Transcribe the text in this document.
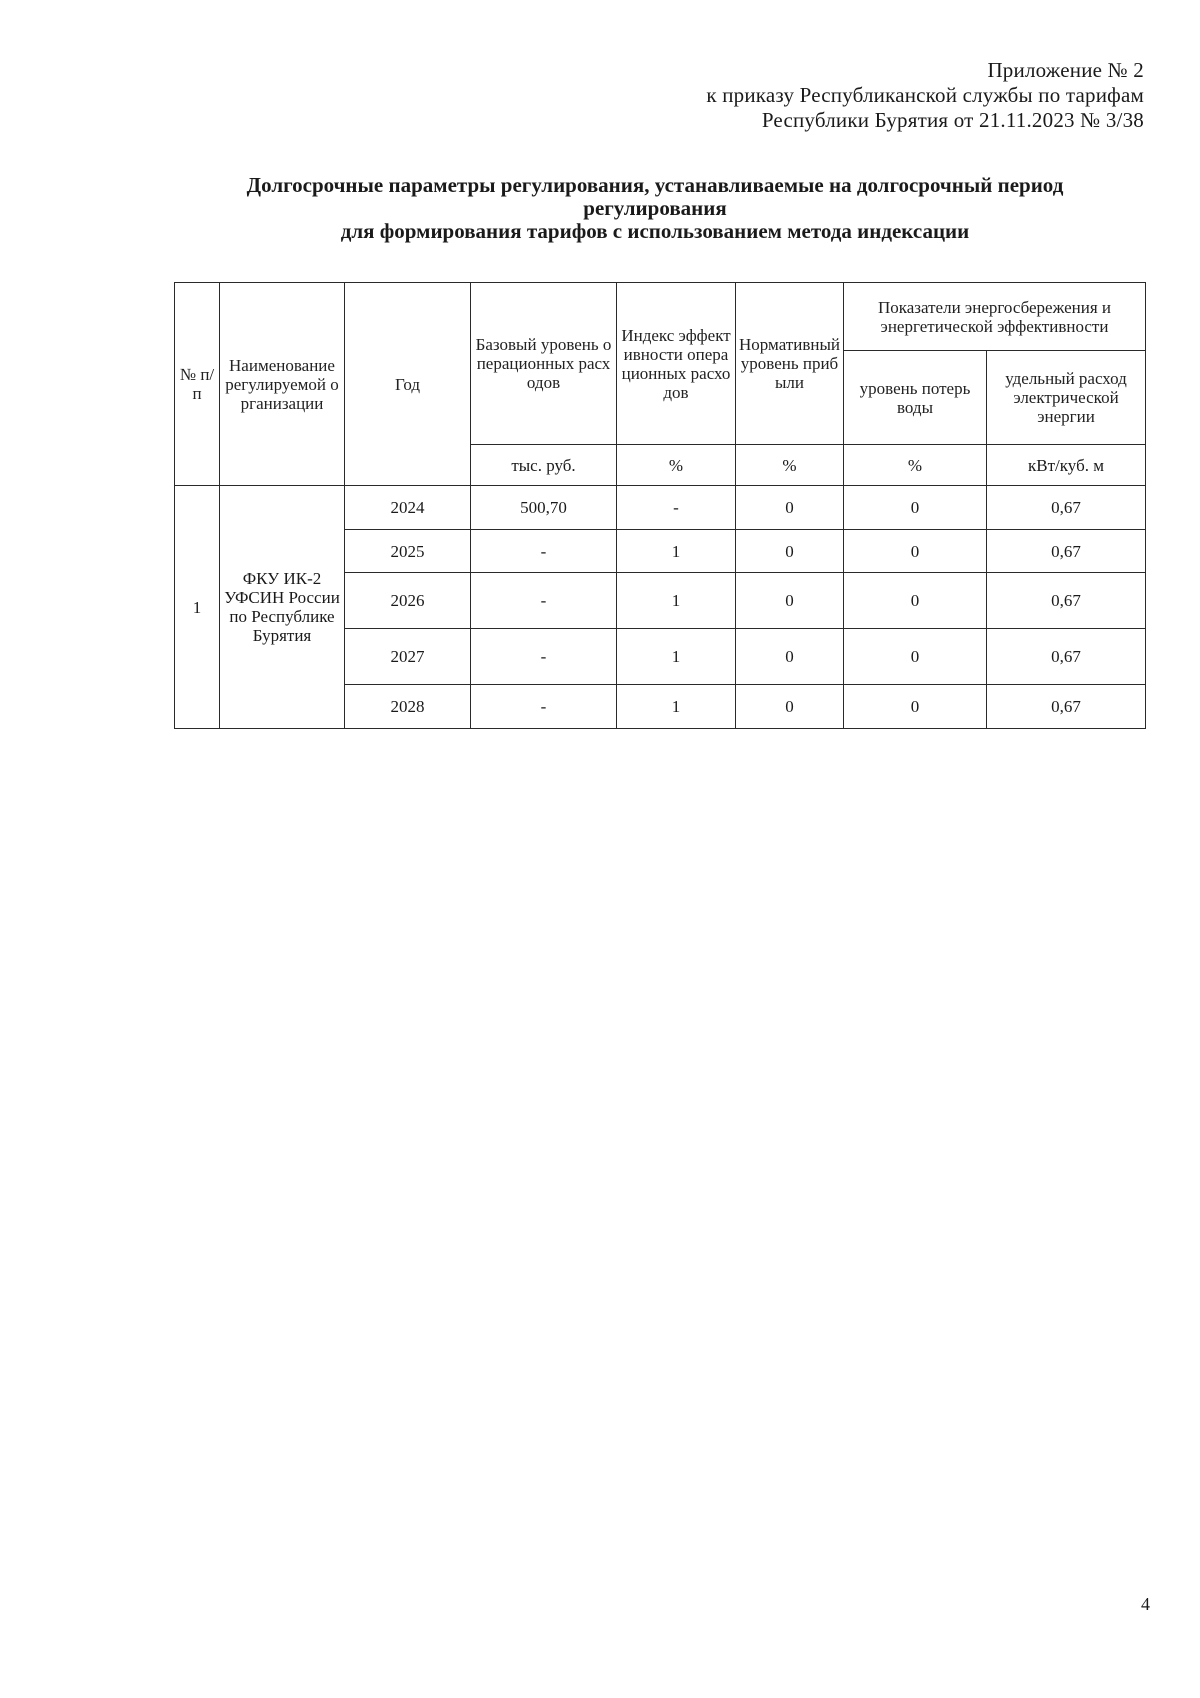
Приложение № 2
к приказу Республиканской службы по тарифам
Республики Бурятия от 21.11.2023 № 3/38
Долгосрочные параметры регулирования, устанавливаемые на долгосрочный период
регулирования
для формирования тарифов с использованием метода индексации
№ п/п	Наименование регулируемой организации	Год	Базовый уровень операционных расходов	Индекс эффективности операционных расходов	Нормативный уровень прибыли	Показатели энергосбережения и энергетической эффективности	
						уровень потерь воды	удельный расход электрической энергии
			тыс. руб.	%	%	%	кВт/куб. м
1	ФКУ ИК-2 УФСИН России по Республике Бурятия	2024	500,70	-	0	0	0,67
		2025	-	1	0	0	0,67
		2026	-	1	0	0	0,67
		2027	-	1	0	0	0,67
		2028	-	1	0	0	0,67
4
